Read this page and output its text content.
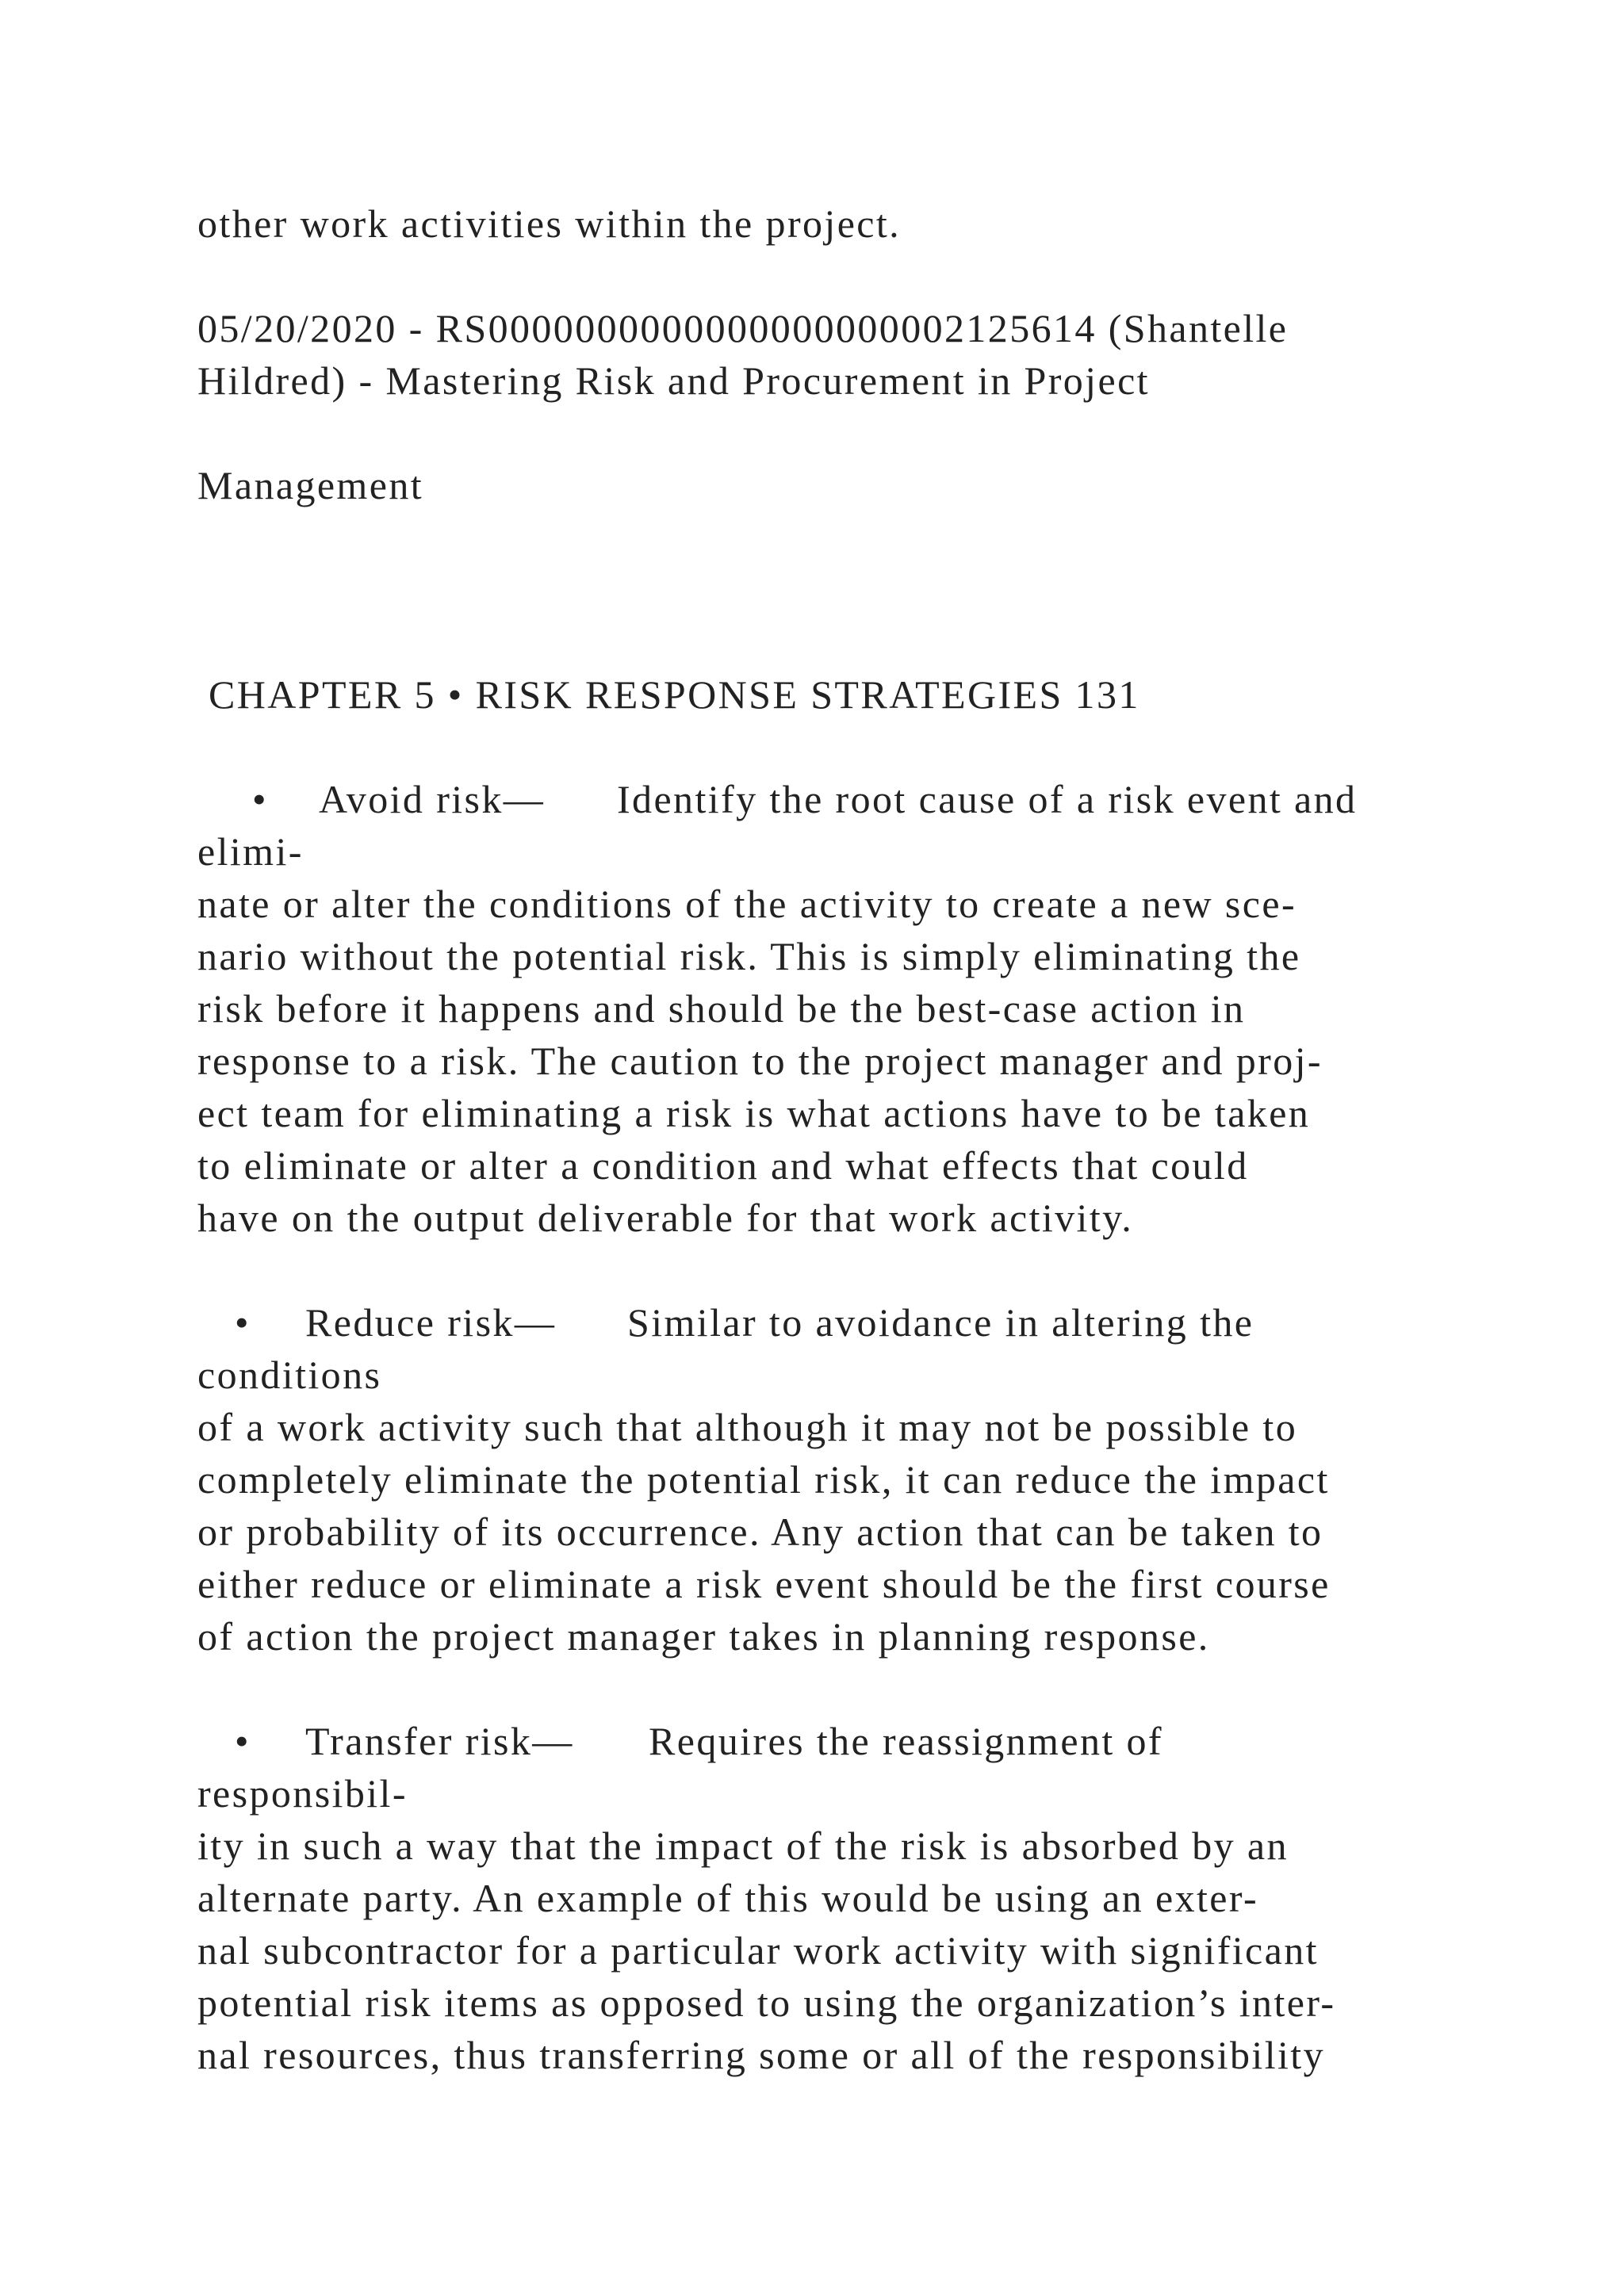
other work activities within the project.
05/20/2020 - RS0000000000000000000002125614 (Shantelle
Hildred) - Mastering Risk and Procurement in Project
Management
CHAPTER 5 • RISK RESPONSE STRATEGIES 131
• Avoid risk— Identify the root cause of a risk event and
elimi-
nate or alter the conditions of the activity to create a new sce-
nario without the potential risk. This is simply eliminating the
risk before it happens and should be the best-case action in
response to a risk. The caution to the project manager and proj-
ect team for eliminating a risk is what actions have to be taken
to eliminate or alter a condition and what effects that could
have on the output deliverable for that work activity.
• Reduce risk— Similar to avoidance in altering the
conditions
of a work activity such that although it may not be possible to
completely eliminate the potential risk, it can reduce the impact
or probability of its occurrence. Any action that can be taken to
either reduce or eliminate a risk event should be the first course
of action the project manager takes in planning response.
• Transfer risk— Requires the reassignment of
responsibil-
ity in such a way that the impact of the risk is absorbed by an
alternate party. An example of this would be using an exter-
nal subcontractor for a particular work activity with significant
potential risk items as opposed to using the organization’s inter-
nal resources, thus transferring some or all of the responsibility
